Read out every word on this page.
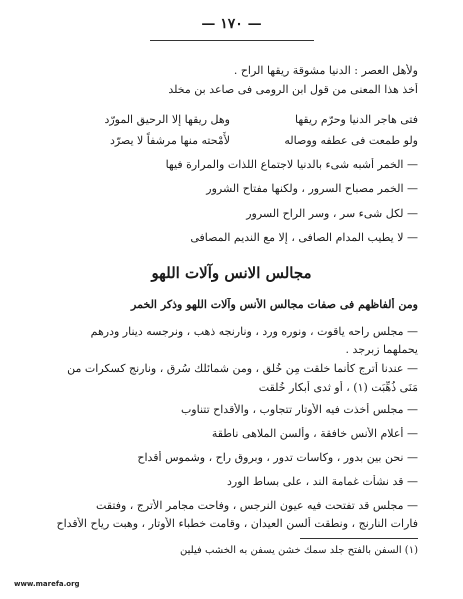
— ١٧٠ —
ولأهل العصر : الدنيا مشوقة ريقها الراح .
أخذ هذا المعنى من قول ابن الرومى فى صاعد بن مخلد
فتى هاجر الدنيا وحرّم ريقها
وهل ريقها إلا الرحيق المورّد
ولو طمعت فى عطفه ووصاله
لأَمْحته منها مرشفاً لا يصرّد
— الخمر أشبه شىء بالدنيا لاجتماع اللذات والمرارة فيها
— الخمر مصباح السرور ، ولكنها مفتاح الشرور
— لكل شىء سر ، وسر الراح السرور
— لا يطيب المدام الصافى ، إلا مع النديم المصافى
مجالس الانس وآلات اللهو
ومن ألفاظهم فى صفات مجالس الأنس وآلات اللهو وذكر الخمر
— مجلس راحه ياقوت ، ونوره ورد ، ونارنجه ذهب ، ونرجسه دينار ودرهم
يحملهما زبرجد .
— عندنا أترج كأنما خلقت مِن خُلق ، ومن شمائلك سُرق ، ونارنج كسكرات من
مَنَى ذُهِّبَت (١) ، أو ثدى أبكار خُلقت
— مجلس أخذت فيه الأوتار تتجاوب ، والأقداح تتناوب
— أعلام الأنس خافقة ، وألسن الملاهى ناطقة
— نحن بين بدور ، وكاسات تدور ، وبروق راح ، وشموس أقداح
— قد نشأت غمامة الند ، على بساط الورد
— مجلس قد تفتحت فيه عيون النرجس ، وفاحت مجامر الأترج ، وفتقت
فارات النارنج ، ونطقت ألسن العيدان ، وقامت خطباء الأوتار ، وهبت رياح الأقداح
(١) السفن بالفتح جلد سمك خشن يسفن به الخشب فيلين
www.marefa.org
